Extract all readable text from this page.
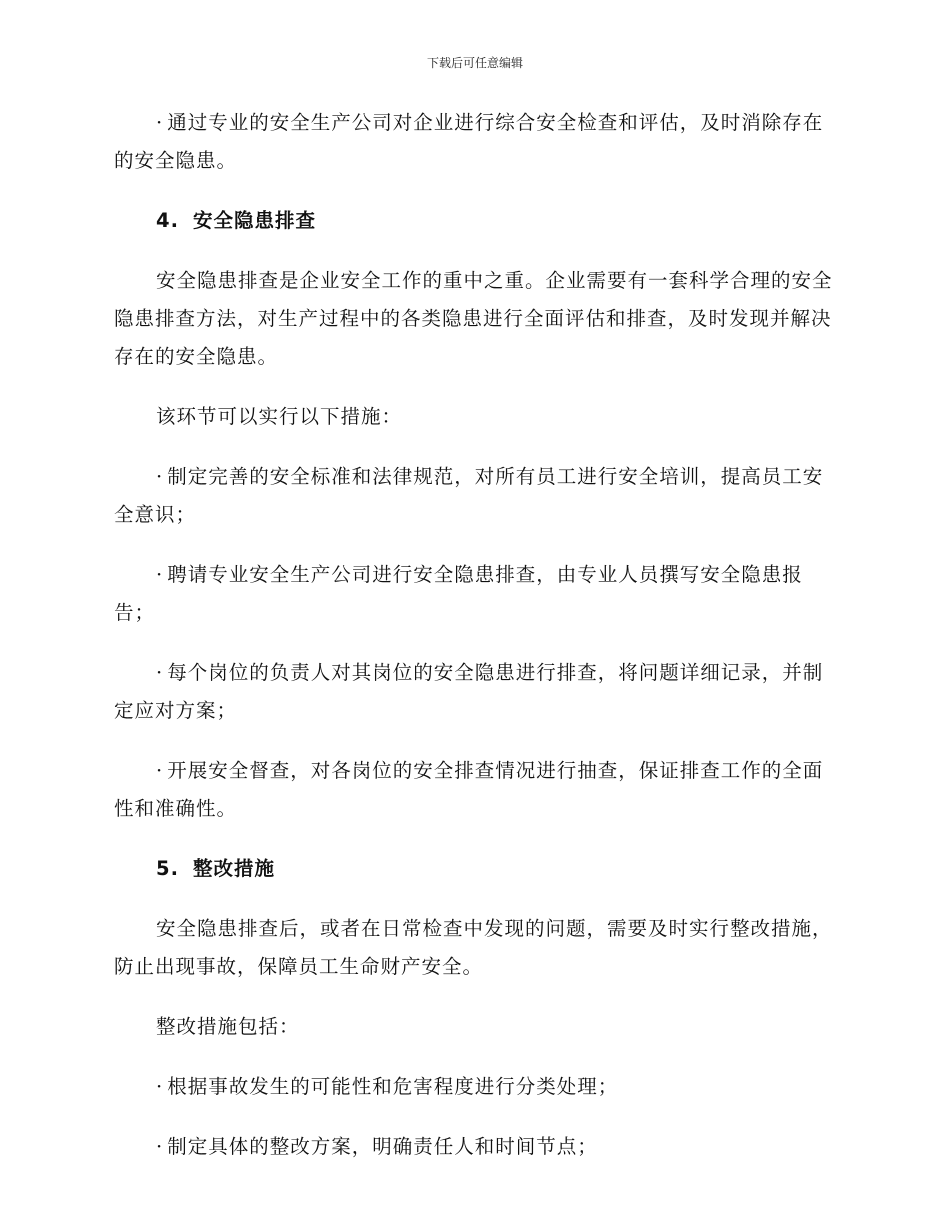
下载后可任意编辑

· 通过专业的安全生产公司对企业进行综合安全检查和评估，及时消除存在的安全隐患。

4. 安全隐患排查

安全隐患排查是企业安全工作的重中之重。企业需要有一套科学合理的安全隐患排查方法，对生产过程中的各类隐患进行全面评估和排查，及时发现并解决存在的安全隐患。

该环节可以实行以下措施：

· 制定完善的安全标准和法律规范，对所有员工进行安全培训，提高员工安全意识；

· 聘请专业安全生产公司进行安全隐患排查，由专业人员撰写安全隐患报告；

· 每个岗位的负责人对其岗位的安全隐患进行排查，将问题详细记录，并制定应对方案；

· 开展安全督查，对各岗位的安全排查情况进行抽查，保证排查工作的全面性和准确性。

5. 整改措施

安全隐患排查后，或者在日常检查中发现的问题，需要及时实行整改措施，防止出现事故，保障员工生命财产安全。

整改措施包括：

· 根据事故发生的可能性和危害程度进行分类处理；

· 制定具体的整改方案，明确责任人和时间节点；
